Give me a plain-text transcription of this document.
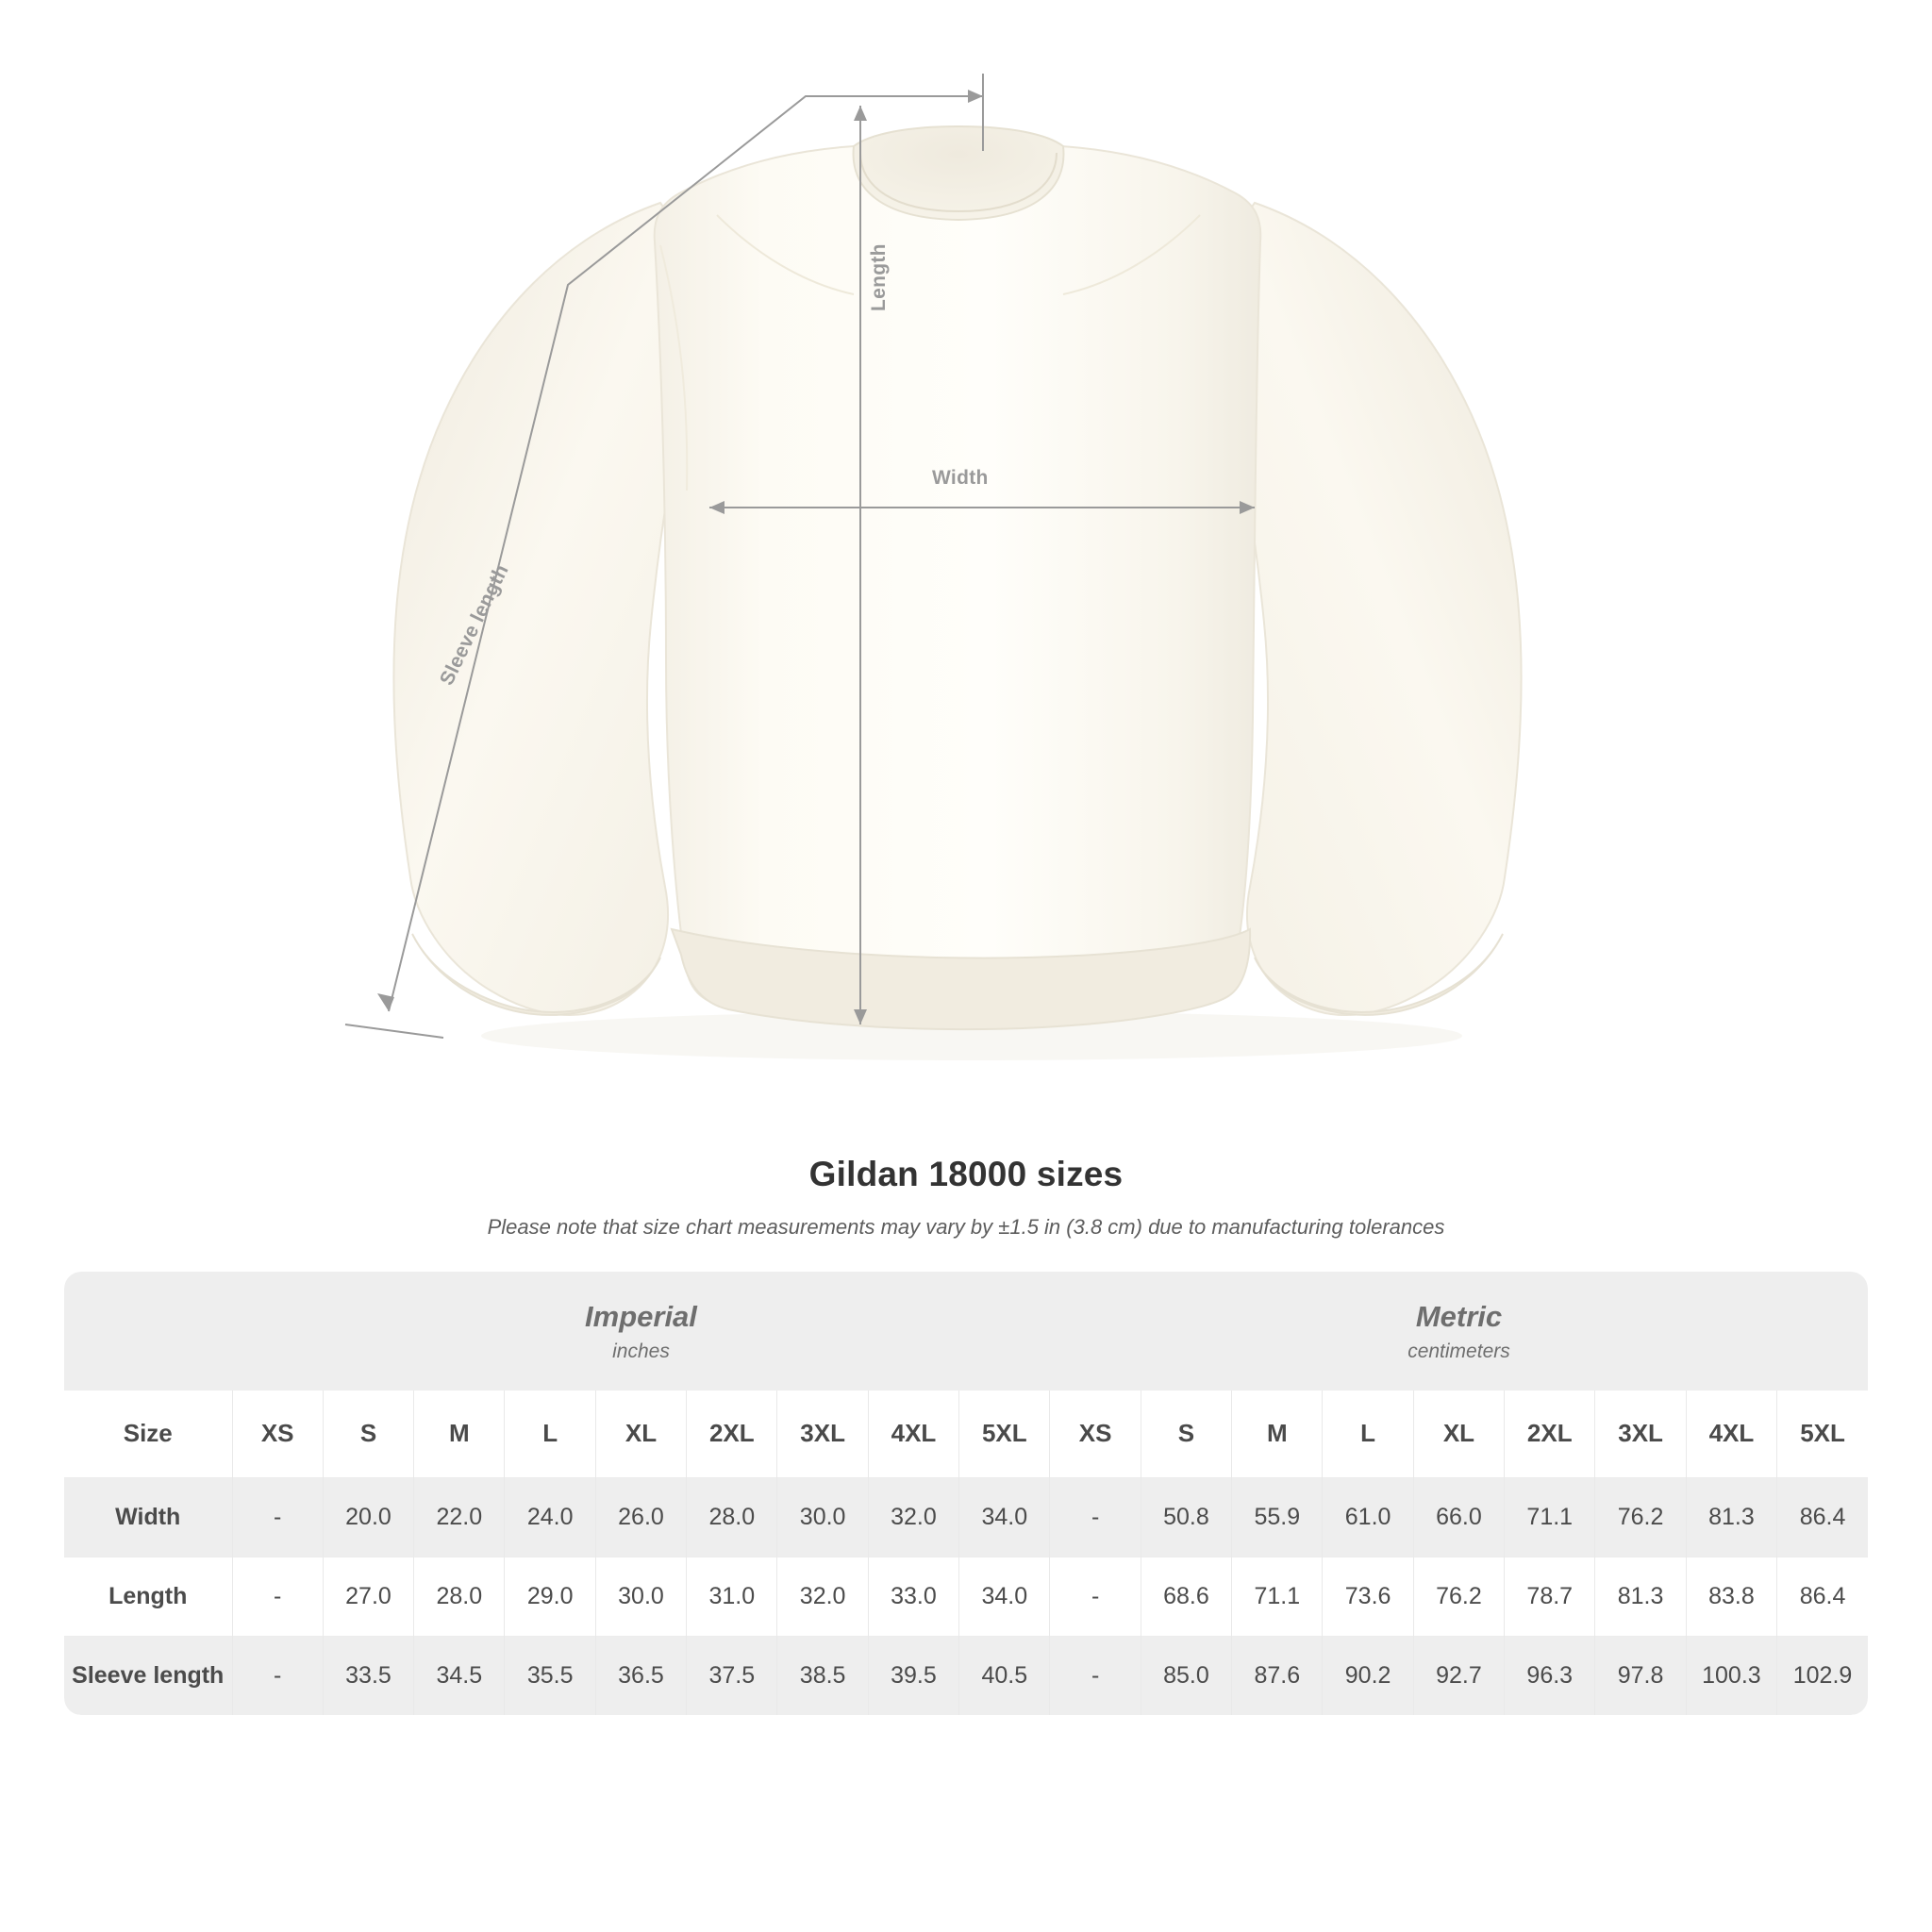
Length
Width
Sleeve length
Gildan 18000 sizes
Please note that size chart measurements may vary by ±1.5 in (3.8 cm) due to manufacturing tolerances

	Imperial
inches									Metric
centimeters								

Size	XS	S	M	L	XL	2XL	3XL	4XL	5XL	XS	S	M	L	XL	2XL	3XL	4XL	5XL
Width	-	20.0	22.0	24.0	26.0	28.0	30.0	32.0	34.0	-	50.8	55.9	61.0	66.0	71.1	76.2	81.3	86.4
Length	-	27.0	28.0	29.0	30.0	31.0	32.0	33.0	34.0	-	68.6	71.1	73.6	76.2	78.7	81.3	83.8	86.4
Sleeve length	-	33.5	34.5	35.5	36.5	37.5	38.5	39.5	40.5	-	85.0	87.6	90.2	92.7	96.3	97.8	100.3	102.9
